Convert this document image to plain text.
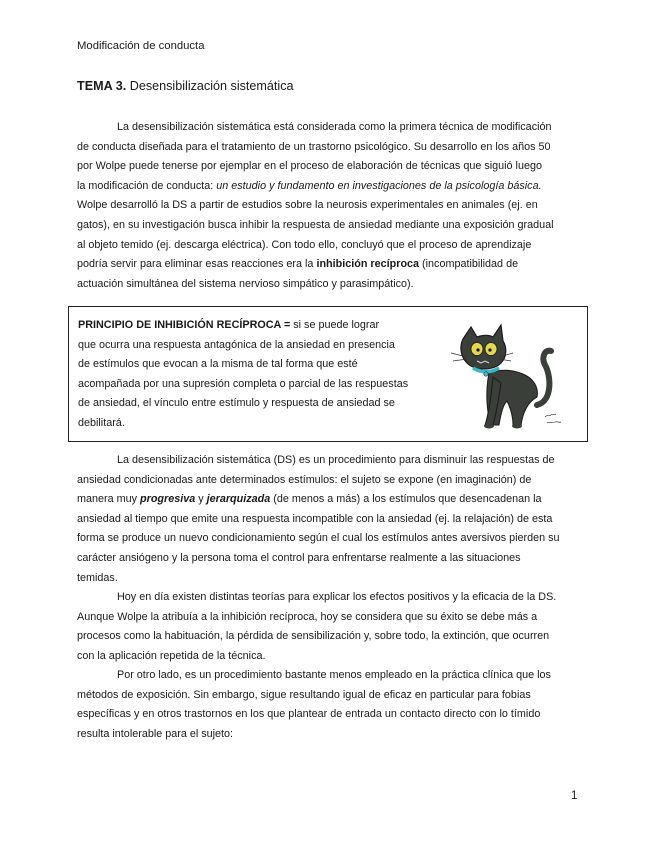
Modificación de conducta
TEMA 3. Desensibilización sistemática
La desensibilización sistemática está considerada como la primera técnica de modificación
de conducta diseñada para el tratamiento de un trastorno psicológico. Su desarrollo en los años 50
por Wolpe puede tenerse por ejemplar en el proceso de elaboración de técnicas que siguió luego
la modificación de conducta: un estudio y fundamento en investigaciones de la psicología básica.
Wolpe desarrolló la DS a partir de estudios sobre la neurosis experimentales en animales (ej. en
gatos), en su investigación busca inhibir la respuesta de ansiedad mediante una exposición gradual
al objeto temido (ej. descarga eléctrica). Con todo ello, concluyó que el proceso de aprendizaje
podría servir para eliminar esas reacciones era la inhibición recíproca (incompatibilidad de
actuación simultánea del sistema nervioso simpático y parasimpático).
PRINCIPIO DE INHIBICIÓN RECÍPROCA = si se puede lograr
que ocurra una respuesta antagónica de la ansiedad en presencia
de estímulos que evocan a la misma de tal forma que esté
acompañada por una supresión completa o parcial de las respuestas
de ansiedad, el vínculo entre estímulo y respuesta de ansiedad se
debilitará.
La desensibilización sistemática (DS) es un procedimiento para disminuir las respuestas de
ansiedad condicionadas ante determinados estímulos: el sujeto se expone (en imaginación) de
manera muy progresiva y jerarquizada (de menos a más) a los estímulos que desencadenan la
ansiedad al tiempo que emite una respuesta incompatible con la ansiedad (ej. la relajación) de esta
forma se produce un nuevo condicionamiento según el cual los estímulos antes aversivos pierden su
carácter ansiógeno y la persona toma el control para enfrentarse realmente a las situaciones
temidas.
Hoy en día existen distintas teorías para explicar los efectos positivos y la eficacia de la DS.
Aunque Wolpe la atribuía a la inhibición recíproca, hoy se considera que su éxito se debe más a
procesos como la habituación, la pérdida de sensibilización y, sobre todo, la extinción, que ocurren
con la aplicación repetida de la técnica.
Por otro lado, es un procedimiento bastante menos empleado en la práctica clínica que los
métodos de exposición. Sin embargo, sigue resultando igual de eficaz en particular para fobias
específicas y en otros trastornos en los que plantear de entrada un contacto directo con lo tímido
resulta intolerable para el sujeto:
1
